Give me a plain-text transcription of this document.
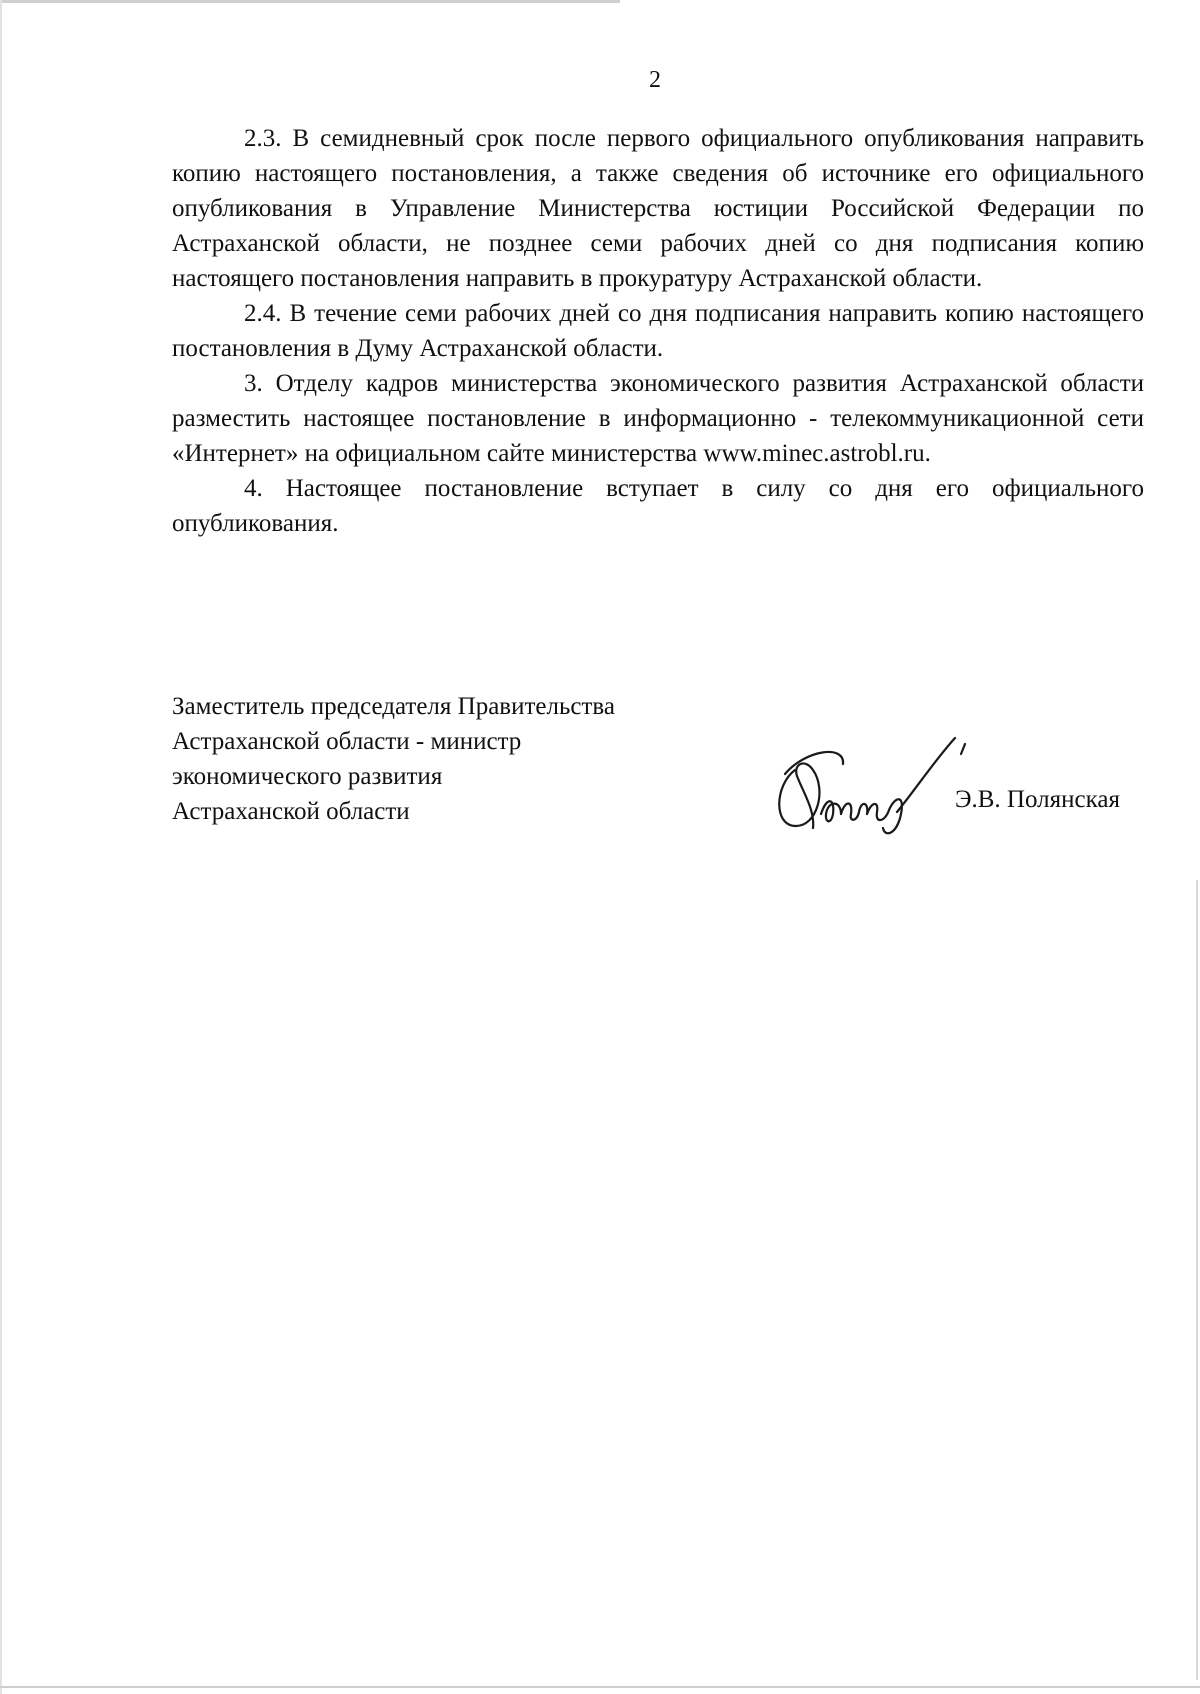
2

2.3. В семидневный срок после первого официального опубликования направить копию настоящего постановления, а также сведения об источнике его официального опубликования в Управление Министерства юстиции Российской Федерации по Астраханской области, не позднее семи рабочих дней со дня подписания копию настоящего постановления направить в прокуратуру Астраханской области.

2.4. В течение семи рабочих дней со дня подписания направить копию настоящего постановления в Думу Астраханской области.

3. Отделу кадров министерства экономического развития Астраханской области разместить настоящее постановление в информационно - телекоммуникационной сети «Интернет» на официальном сайте министерства www.minec.astrobl.ru.

4. Настоящее постановление вступает в силу со дня его официального опубликования.

Заместитель председателя Правительства
Астраханской области - министр
экономического развития
Астраханской области	Э.В. Полянская
